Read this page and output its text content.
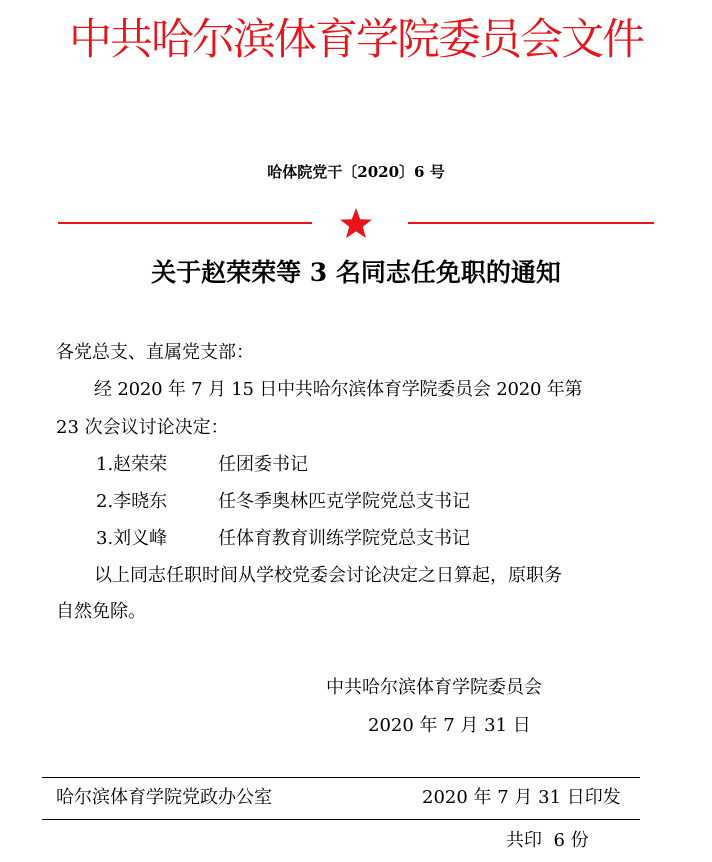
中共哈尔滨体育学院委员会文件
哈体院党干〔2020〕6 号
关于赵荣荣等 3 名同志任免职的通知
各党总支、直属党支部：
经 2020 年 7 月 15 日中共哈尔滨体育学院委员会 2020 年第
23 次会议讨论决定：
1.赵荣荣	任团委书记
2.李晓东	任冬季奥林匹克学院党总支书记
3.刘义峰	任体育教育训练学院党总支书记
以上同志任职时间从学校党委会讨论决定之日算起，原职务
自然免除。
中共哈尔滨体育学院委员会
2020 年 7 月 31 日
哈尔滨体育学院党政办公室	2020 年 7 月 31 日印发
共印  6 份
